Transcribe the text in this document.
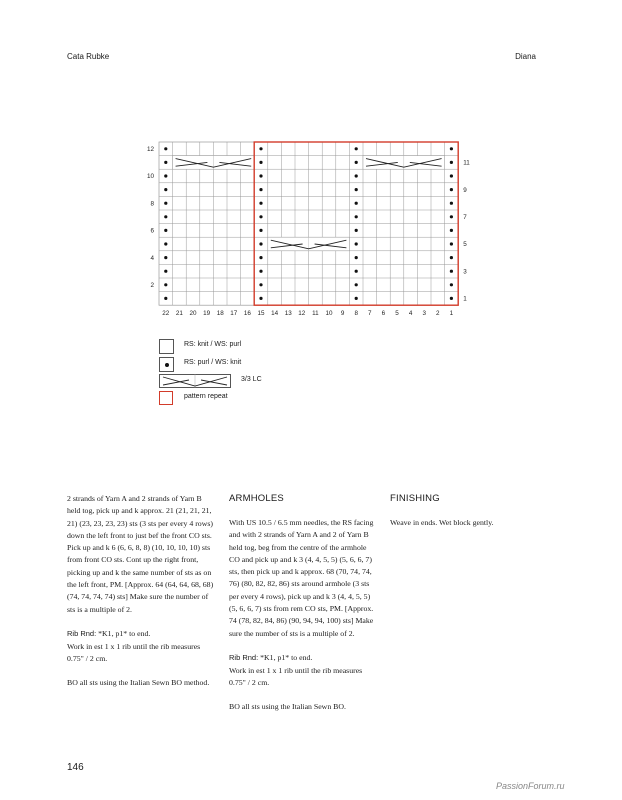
Cata Rubke	Diana
22 21 20 19 18 17 16 15 14 13 12 11 10 9 8 7 6 5 4 3 2 1
12
10
8
6
4
2
11
9
7
5
3
1
RS: knit / WS: purl
RS: purl / WS: knit
3/3 LC
pattern repeat

2 strands of Yarn A and 2 strands of Yarn B held tog, pick up and k approx. 21 (21, 21, 21, 21) (23, 23, 23, 23) sts (3 sts per every 4 rows) down the left front to just bef the front CO sts. Pick up and k 6 (6, 6, 8, 8) (10, 10, 10, 10) sts from front CO sts. Cont up the right front, picking up and k the same number of sts as on the left front, PM. [Approx. 64 (64, 64, 68, 68) (74, 74, 74, 74) sts] Make sure the number of sts is a multiple of 2.

Rib Rnd: *K1, p1* to end.

Work in est 1 x 1 rib until the rib measures 0.75" / 2 cm.

BO all sts using the Italian Sewn BO method.

ARMHOLES

With US 10.5 / 6.5 mm needles, the RS facing and with 2 strands of Yarn A and 2 of Yarn B held tog, beg from the centre of the armhole CO and pick up and k 3 (4, 4, 5, 5) (5, 6, 6, 7) sts, then pick up and k approx. 68 (70, 74, 74, 76) (80, 82, 82, 86) sts around armhole (3 sts per every 4 rows), pick up and k 3 (4, 4, 5, 5) (5, 6, 6, 7) sts from rem CO sts, PM. [Approx. 74 (78, 82, 84, 86) (90, 94, 94, 100) sts] Make sure the number of sts is a multiple of 2.

Rib Rnd: *K1, p1* to end.

Work in est 1 x 1 rib until the rib measures 0.75" / 2 cm.

BO all sts using the Italian Sewn BO.

FINISHING

Weave in ends. Wet block gently.

146
PassionForum.ru
